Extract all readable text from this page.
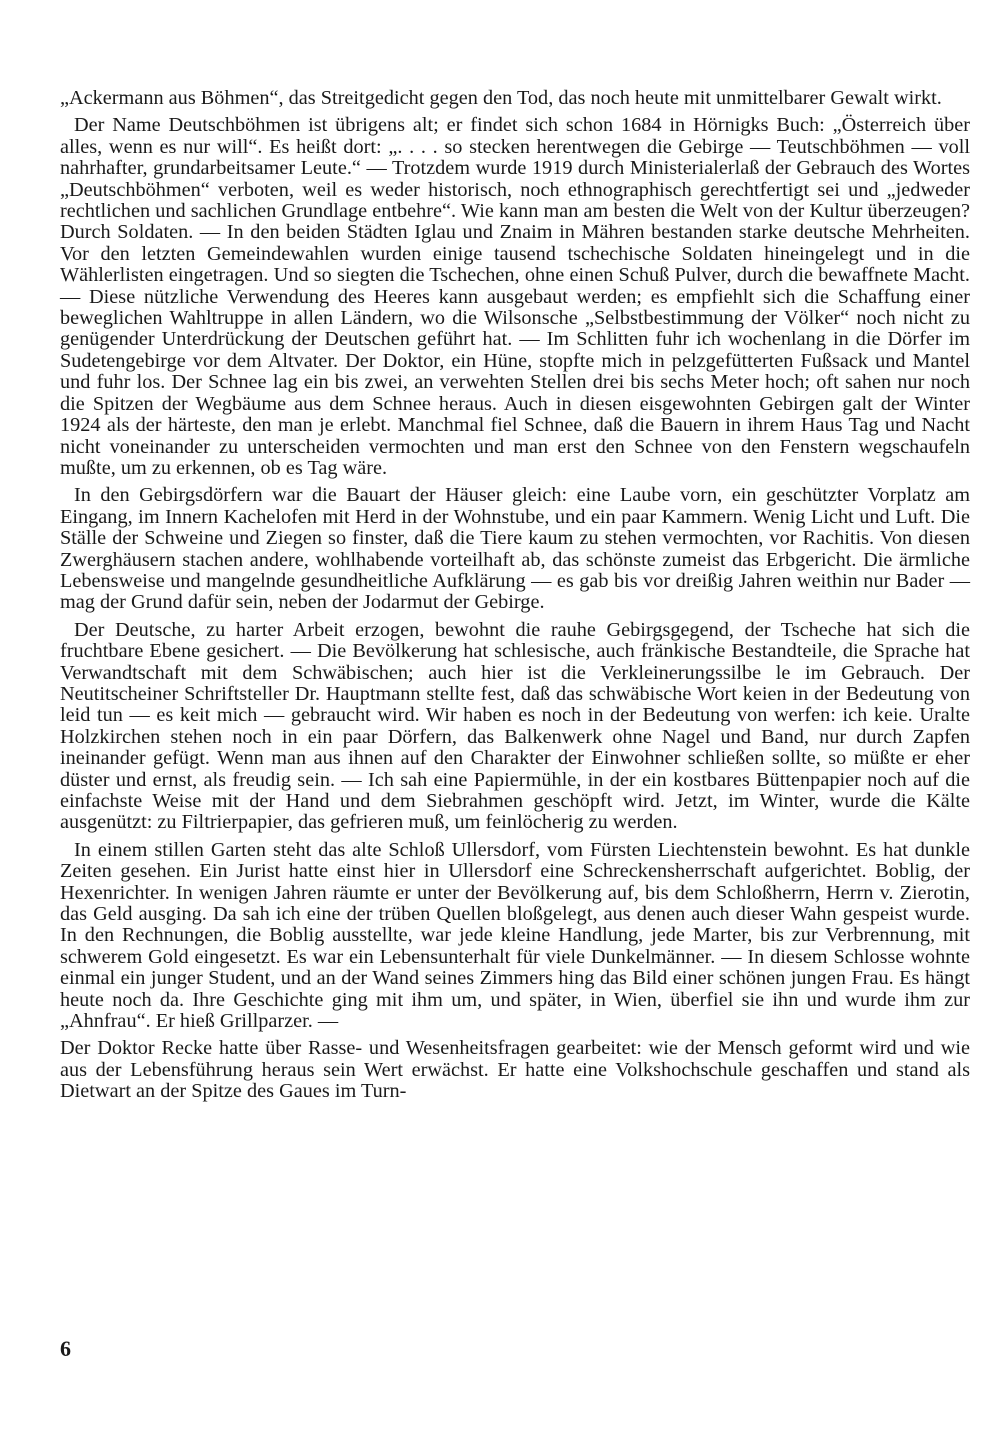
„Ackermann aus Böhmen“, das Streitgedicht gegen den Tod, das noch heute mit unmittelbarer Gewalt wirkt.

Der Name Deutschböhmen ist übrigens alt; er findet sich schon 1684 in Hörnigks Buch: „Österreich über alles, wenn es nur will“. Es heißt dort: „. . . . so stecken herentwegen die Gebirge — Teutschböhmen — voll nahrhafter, grundarbeitsamer Leute.“ — Trotzdem wurde 1919 durch Ministerialerlaß der Gebrauch des Wortes „Deutschböhmen“ verboten, weil es weder historisch, noch ethnographisch gerechtfertigt sei und „jedweder rechtlichen und sachlichen Grundlage entbehre“. Wie kann man am besten die Welt von der Kultur überzeugen? Durch Soldaten. — In den beiden Städten Iglau und Znaim in Mähren bestanden starke deutsche Mehrheiten. Vor den letzten Gemeindewahlen wurden einige tausend tschechische Soldaten hineingelegt und in die Wählerlisten eingetragen. Und so siegten die Tschechen, ohne einen Schuß Pulver, durch die bewaffnete Macht. — Diese nützliche Verwendung des Heeres kann ausgebaut werden; es empfiehlt sich die Schaffung einer beweglichen Wahltruppe in allen Ländern, wo die Wilsonsche „Selbstbestimmung der Völker“ noch nicht zu genügender Unterdrückung der Deutschen geführt hat. — Im Schlitten fuhr ich wochenlang in die Dörfer im Sudetengebirge vor dem Altvater. Der Doktor, ein Hüne, stopfte mich in pelzgefütterten Fußsack und Mantel und fuhr los. Der Schnee lag ein bis zwei, an verwehten Stellen drei bis sechs Meter hoch; oft sahen nur noch die Spitzen der Wegbäume aus dem Schnee heraus. Auch in diesen eisgewohnten Gebirgen galt der Winter 1924 als der härteste, den man je erlebt. Manchmal fiel Schnee, daß die Bauern in ihrem Haus Tag und Nacht nicht voneinander zu unterscheiden vermochten und man erst den Schnee von den Fenstern wegschaufeln mußte, um zu erkennen, ob es Tag wäre.

In den Gebirgsdörfern war die Bauart der Häuser gleich: eine Laube vorn, ein geschützter Vorplatz am Eingang, im Innern Kachelofen mit Herd in der Wohnstube, und ein paar Kammern. Wenig Licht und Luft. Die Ställe der Schweine und Ziegen so finster, daß die Tiere kaum zu stehen vermochten, vor Rachitis. Von diesen Zwerghäusern stachen andere, wohlhabende vorteilhaft ab, das schönste zumeist das Erbgericht. Die ärmliche Lebensweise und mangelnde gesundheitliche Aufklärung — es gab bis vor dreißig Jahren weithin nur Bader — mag der Grund dafür sein, neben der Jodarmut der Gebirge.

Der Deutsche, zu harter Arbeit erzogen, bewohnt die rauhe Gebirgsgegend, der Tscheche hat sich die fruchtbare Ebene gesichert. — Die Bevölkerung hat schlesische, auch fränkische Bestandteile, die Sprache hat Verwandtschaft mit dem Schwäbischen; auch hier ist die Verkleinerungssilbe le im Gebrauch. Der Neutitscheiner Schriftsteller Dr. Hauptmann stellte fest, daß das schwäbische Wort keien in der Bedeutung von leid tun — es keit mich — gebraucht wird. Wir haben es noch in der Bedeutung von werfen: ich keie. Uralte Holzkirchen stehen noch in ein paar Dörfern, das Balkenwerk ohne Nagel und Band, nur durch Zapfen ineinander gefügt. Wenn man aus ihnen auf den Charakter der Einwohner schließen sollte, so müßte er eher düster und ernst, als freudig sein. — Ich sah eine Papiermühle, in der ein kostbares Büttenpapier noch auf die einfachste Weise mit der Hand und dem Siebrahmen geschöpft wird. Jetzt, im Winter, wurde die Kälte ausgenützt: zu Filtrierpapier, das gefrieren muß, um feinlöcherig zu werden.

In einem stillen Garten steht das alte Schloß Ullersdorf, vom Fürsten Liechtenstein bewohnt. Es hat dunkle Zeiten gesehen. Ein Jurist hatte einst hier in Ullersdorf eine Schreckensherrschaft aufgerichtet. Boblig, der Hexenrichter. In wenigen Jahren räumte er unter der Bevölkerung auf, bis dem Schloßherrn, Herrn v. Zierotin, das Geld ausging. Da sah ich eine der trüben Quellen bloßgelegt, aus denen auch dieser Wahn gespeist wurde. In den Rechnungen, die Boblig ausstellte, war jede kleine Handlung, jede Marter, bis zur Verbrennung, mit schwerem Gold eingesetzt. Es war ein Lebensunterhalt für viele Dunkelmänner. — In diesem Schlosse wohnte einmal ein junger Student, und an der Wand seines Zimmers hing das Bild einer schönen jungen Frau. Es hängt heute noch da. Ihre Geschichte ging mit ihm um, und später, in Wien, überfiel sie ihn und wurde ihm zur „Ahnfrau“. Er hieß Grillparzer. —

Der Doktor Recke hatte über Rasse- und Wesenheitsfragen gearbeitet: wie der Mensch geformt wird und wie aus der Lebensführung heraus sein Wert erwächst. Er hatte eine Volkshochschule geschaffen und stand als Dietwart an der Spitze des Gaues im Turn-

6
